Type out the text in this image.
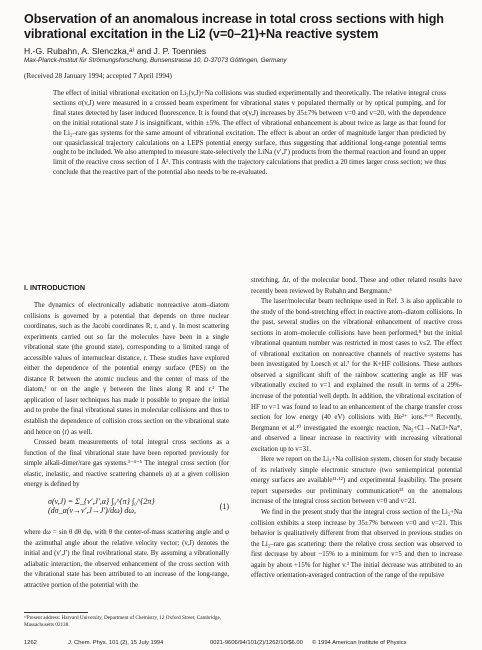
Observation of an anomalous increase in total cross sections with high vibrational excitation in the Li2 (v=0–21)+Na reactive system
H.-G. Rubahn, A. Slenczka,ᵃ⁾ and J. P. Toennies
Max-Planck-Institut für Strömungsforschung, Bunsenstrasse 10, D-37073 Göttingen, Germany
(Received 28 January 1994; accepted 7 April 1994)
The effect of initial vibrational excitation on Li₂(v,J)+Na collisions was studied experimentally and theoretically. The relative integral cross sections σ(v,J) were measured in a crossed beam experiment for vibrational states v populated thermally or by optical pumping, and for final states detected by laser induced fluorescence. It is found that σ(v,J) increases by 35±7% between v=0 and v=20, with the dependence on the initial rotational state J is insignificant, within ±5%. The effect of vibrational enhancement is about twice as large as that found for the Li₂–rare gas systems for the same amount of vibrational excitation. The effect is about an order of magnitude larger than predicted by our quasiclassical trajectory calculations on a LEPS potential energy surface, thus suggesting that additional long-range potential terms ought to be included. We also attempted to measure state-selectively the LiNa (v′,J′) products from the thermal reaction and found an upper limit of the reactive cross section of 1 Å². This contrasts with the trajectory calculations that predict a 20 times larger cross section; we thus conclude that the reactive part of the potential also needs to be re-evaluated.
I. INTRODUCTION

The dynamics of electronically adiabatic nonreactive atom–diatom collisions is governed by a potential that depends on three nuclear coordinates, such as the Jacobi coordinates R, r, and γ. In most scattering experiments carried out so far the molecules have been in a single vibrational state (the ground state), corresponding to a limited range of accessible values of internuclear distance, r. These studies have explored either the dependence of the potential energy surface (PES) on the distance R between the atomic nucleus and the center of mass of the diatom,¹ or on the angle γ between the lines along R and r.² The application of laser techniques has made it possible to prepare the initial and to probe the final vibrational states in molecular collisions and thus to establish the dependence of collision cross section on the vibrational state and hence on ⟨r⟩ as well.

Crossed beam measurements of total integral cross sections as a function of the final vibrational state have been reported previously for simple alkali-dimer/rare gas systems.³⁻⁴⁻⁵ The integral cross section (for elastic, inelastic, and reactive scattering channels α) at a given collision energy is defined by

σ(v,J) = Σ_{v′,J′,α} ∫₀^{π} ∫₀^{2π} (dσ_α(v→v′,J→J′)/dω) dω,	(1)

where dω = sin θ dθ dφ, with θ the center-of-mass scattering angle and φ the azimuthal angle about the relative velocity vector; (v,J) denotes the initial and (v′,J′) the final rovibrational state. By assuming a vibrationally adiabatic interaction, the observed enhancement of the cross section with the vibrational state has been attributed to an increase of the long-range, attractive portion of the potential with the

stretching, Δr, of the molecular bond. These and other related results have recently been reviewed by Rubahn and Bergmann.⁶

The laser/molecular beam technique used in Ref. 3 is also applicable to the study of the bond-stretching effect in reactive atom–diatom collisions. In the past, several studies on the vibrational enhancement of reactive cross sections in atom–molecule collisions have been performed,⁸ but the initial vibrational quantum number was restricted in most cases to v≤2. The effect of vibrational excitation on nonreactive channels of reactive systems has been investigated by Loesch et al.⁷ for the K+HF collisions. These authors observed a significant shift of the rainbow scattering angle as HF was vibrationally excited to v=1 and explained the result in terms of a 29%-increase of the potential well depth. In addition, the vibrational excitation of HF to v=1 was found to lead to an enhancement of the charge transfer cross section for low energy (40 eV) collisions with He²⁺ ions.⁸⁻⁹ Recently, Bergmann et al.¹⁰ investigated the exoergic reaction, Na₂+Cl→NaCl+Na*, and observed a linear increase in reactivity with increasing vibrational excitation up to v=31.

Here we report on the Li₂+Na collision system, chosen for study because of its relatively simple electronic structure (two semiempirical potential energy surfaces are available¹¹·¹²) and experimental feasibility. The present report supersedes our preliminary communication¹³ on the anomalous increase of the integral cross section between v=0 and v=21.

We find in the present study that the integral cross section of the Li₂+Na collision exhibits a steep increase by 35±7% between v=0 and v=21. This behavior is qualitatively different from that observed in previous studies on the Li₂–rare gas scattering: there the relative cross section was observed to first decrease by about −15% to a minimum for v=5 and then to increase again by about +15% for higher v.³ The initial decrease was attributed to an effective orientation-averaged contraction of the range of the repulsive

ᵃ⁾Present address: Harvard University, Department of Chemistry, 12 Oxford Street, Cambridge, Massachusetts 02138.
1262	J. Chem. Phys. 101 (2), 15 July 1994	0021-9606/94/101(2)/1262/10/$6.00 © 1994 American Institute of Physics
